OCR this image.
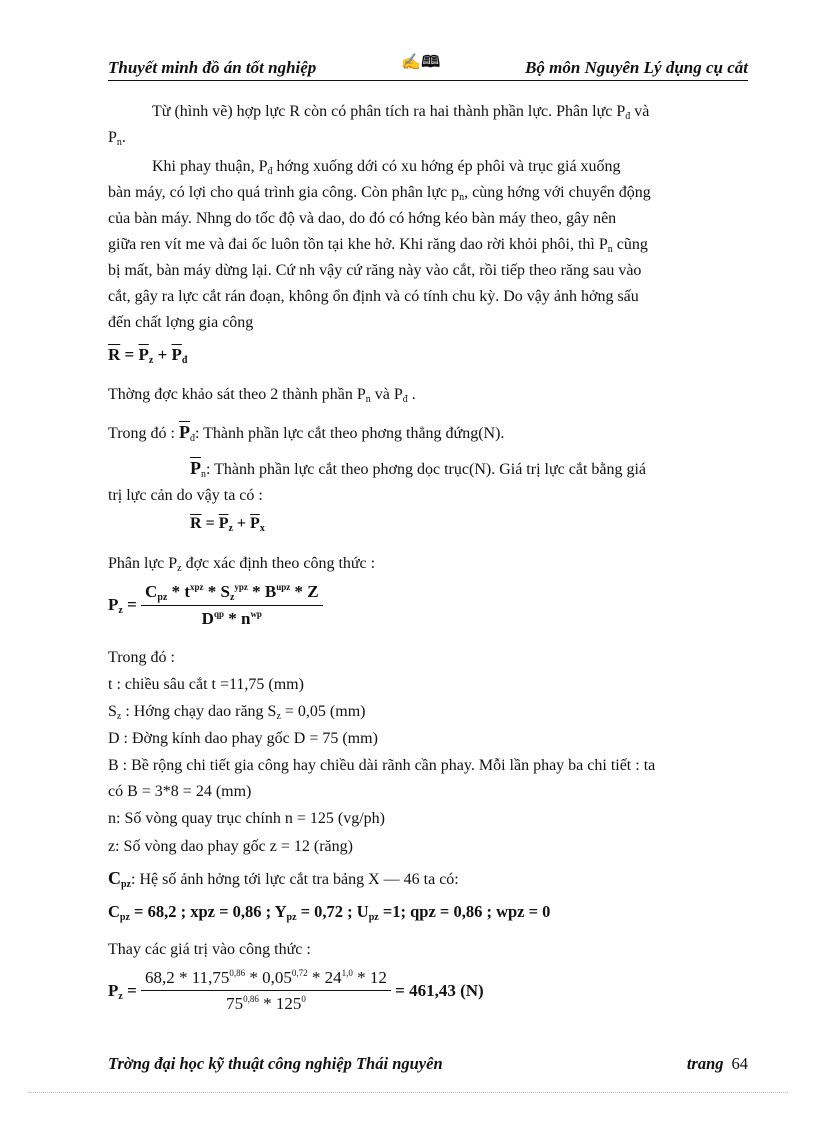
Thuyết minh đồ án tốt nghiệp	✍🕮	Bộ môn Nguyên Lý dụng cụ cắt
Từ (hình vẽ) hợp lực R còn có phân tích ra hai thành phần lực. Phân lực $P_đ$ và
$P_n$.
Khi phay thuận, $P_đ$ hớng xuống dới có xu hớng ép phôi và trục giá xuống
bàn máy, có lợi cho quá trình gia công. Còn phân lực $p_n$, cùng hớng với chuyển động
của bàn máy. Nhng do tốc độ và dao, do đó có hớng kéo bàn máy theo, gây nên
giữa ren vít me và đai ốc luôn tồn tại khe hở. Khi răng dao rời khỏi phôi, thì $P_n$ cũng
bị mất, bàn máy dừng lại. Cứ nh vậy cứ răng này vào cắt, rồi tiếp theo răng sau vào
cắt, gây ra lực cắt rán đoạn, không ổn định và có tính chu kỳ. Do vậy ảnh hởng sấu
đến chất lợng gia công
$\overline{R} = \overline{P}_z + \overline{P}_đ$
Thờng đợc khảo sát theo 2 thành phần $P_n$ và $P_đ$ .
Trong đó : $\overline{P}_đ$: Thành phần lực cắt theo phơng thẳng đứng(N).
$\overline{P}_n$: Thành phần lực cắt theo phơng dọc trục(N). Giá trị lực cắt bằng giá
trị lực cản do vậy ta có :
$\overline{R} = \overline{P}_z + \overline{P}_x$
Phân lực $P_z$ đợc xác định theo công thức :
$P_z = \frac{C_{pz} * t^{xpz} * S_z^{ypz} * B^{upz} * Z}{D^{qp} * n^{wp}}$
Trong đó :
t : chiều sâu cắt t =11,75 (mm)
$S_z$ : Hớng chạy dao răng $S_z = 0,05$ (mm)
D : Đờng kính dao phay gốc D = 75 (mm)
B : Bề rộng chi tiết gia công hay chiều dài rãnh cần phay. Mỗi lần phay ba chi tiết : ta
có B = 3*8 = 24 (mm)
n: Số vòng quay trục chính n = 125 (vg/ph)
z: Số vòng dao phay gốc z = 12 (răng)
$C_{pz}$: Hệ số ảnh hởng tới lực cắt tra bảng X — 46 ta có:
$C_{pz} = 68,2$ ; xpz = 0,86 ; $Y_{pz} = 0,72$ ; $U_{pz} =1$; qpz = 0,86 ; wpz = 0
Thay các giá trị vào công thức :
$P_z = \frac{68,2 * 11,75^{0,86} * 0,05^{0,72} * 24^{1,0} * 12}{75^{0,86} * 125^0} = 461,43$ (N)
Trờng đại học kỹ thuật công nghiệp Thái nguyên	trang 64
